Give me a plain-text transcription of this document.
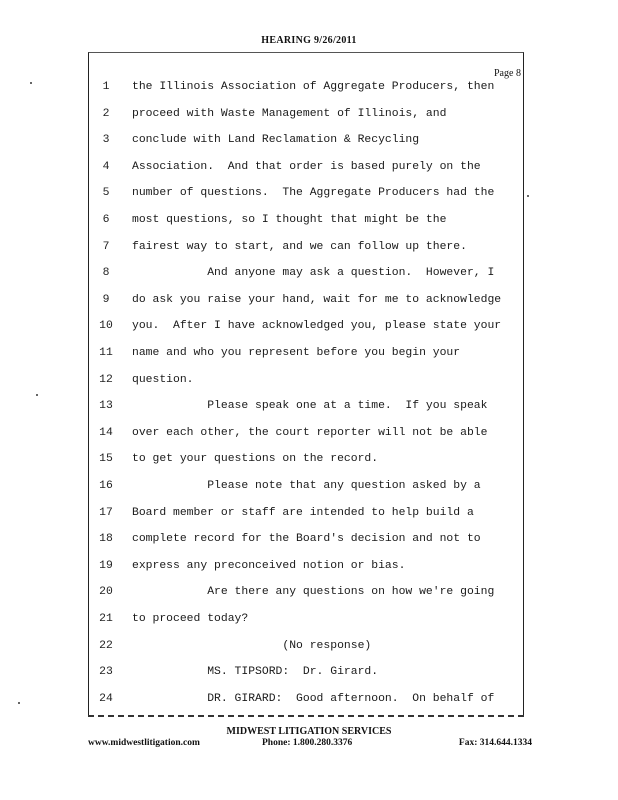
HEARING 9/26/2011
Page 8
1	the Illinois Association of Aggregate Producers, then
2	proceed with Waste Management of Illinois, and
3	conclude with Land Reclamation & Recycling
4	Association.  And that order is based purely on the
5	number of questions.  The Aggregate Producers had the
6	most questions, so I thought that might be the
7	fairest way to start, and we can follow up there.
8	And anyone may ask a question.  However, I
9	do ask you raise your hand, wait for me to acknowledge
10 you.  After I have acknowledged you, please state your
11 name and who you represent before you begin your
12 question.
13 Please speak one at a time.  If you speak
14 over each other, the court reporter will not be able
15 to get your questions on the record.
16 Please note that any question asked by a
17 Board member or staff are intended to help build a
18 complete record for the Board's decision and not to
19 express any preconceived notion or bias.
20 Are there any questions on how we're going
21 to proceed today?
22 (No response)
23 MS. TIPSORD:  Dr. Girard.
24 DR. GIRARD:  Good afternoon.  On behalf of
MIDWEST LITIGATION SERVICES
www.midwestlitigation.com	Phone: 1.800.280.3376	Fax: 314.644.1334
